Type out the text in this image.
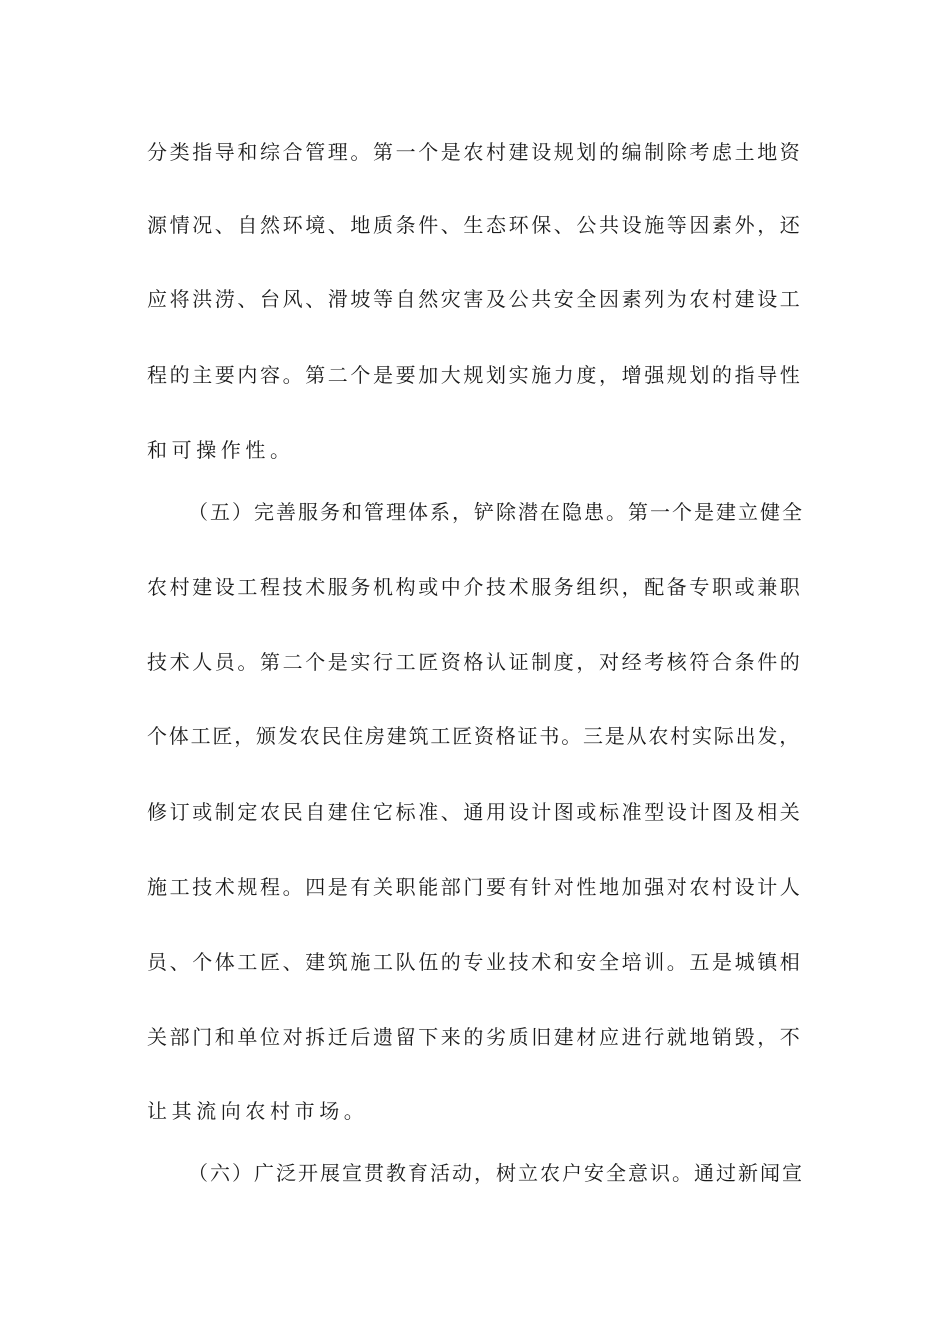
分类指导和综合管理。第一个是农村建设规划的编制除考虑土地资
源情况、自然环境、地质条件、生态环保、公共设施等因素外，还
应将洪涝、台风、滑坡等自然灾害及公共安全因素列为农村建设工
程的主要内容。第二个是要加大规划实施力度，增强规划的指导性
和可操作性。
（五）完善服务和管理体系，铲除潜在隐患。第一个是建立健全
农村建设工程技术服务机构或中介技术服务组织，配备专职或兼职
技术人员。第二个是实行工匠资格认证制度，对经考核符合条件的
个体工匠，颁发农民住房建筑工匠资格证书。三是从农村实际出发，
修订或制定农民自建住它标准、通用设计图或标准型设计图及相关
施工技术规程。四是有关职能部门要有针对性地加强对农村设计人
员、个体工匠、建筑施工队伍的专业技术和安全培训。五是城镇相
关部门和单位对拆迁后遗留下来的劣质旧建材应进行就地销毁，不
让其流向农村市场。
（六）广泛开展宣贯教育活动，树立农户安全意识。通过新闻宣
